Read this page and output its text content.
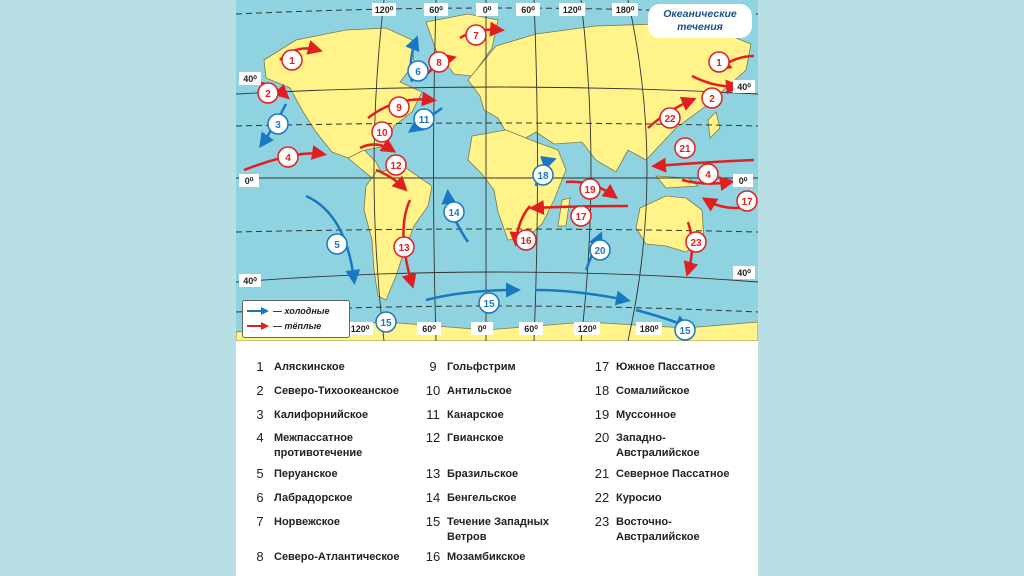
1	1
2	2
3
4
4
5
6
7
8
9
10
11
12
13
14
15
15
15
16
17
17
18
19
20
21
22
23
120⁰	60⁰	0⁰	60⁰	120⁰	180⁰
120⁰	60⁰	0⁰	60⁰	120⁰	180⁰
40⁰
0⁰
40⁰
40⁰
0⁰
40⁰
Океанические
течения
— холодные
— тёплые
1 Аляскинское
2 Северо-Тихоокеанское
3 Калифорнийское
4 Межпассатное противотечение
5 Перуанское
6 Лабрадорское
7 Норвежское
8 Северо-Атлантическое
9 Гольфстрим
10 Антильское
11 Канарское
12 Гвианское
13 Бразильское
14 Бенгельское
15 Течение Западных Ветров
16 Мозамбикское
17 Южное Пассатное
18 Сомалийское
19 Муссонное
20 Западно-Австралийское
21 Северное Пассатное
22 Куросио
23 Восточно-Австралийское
